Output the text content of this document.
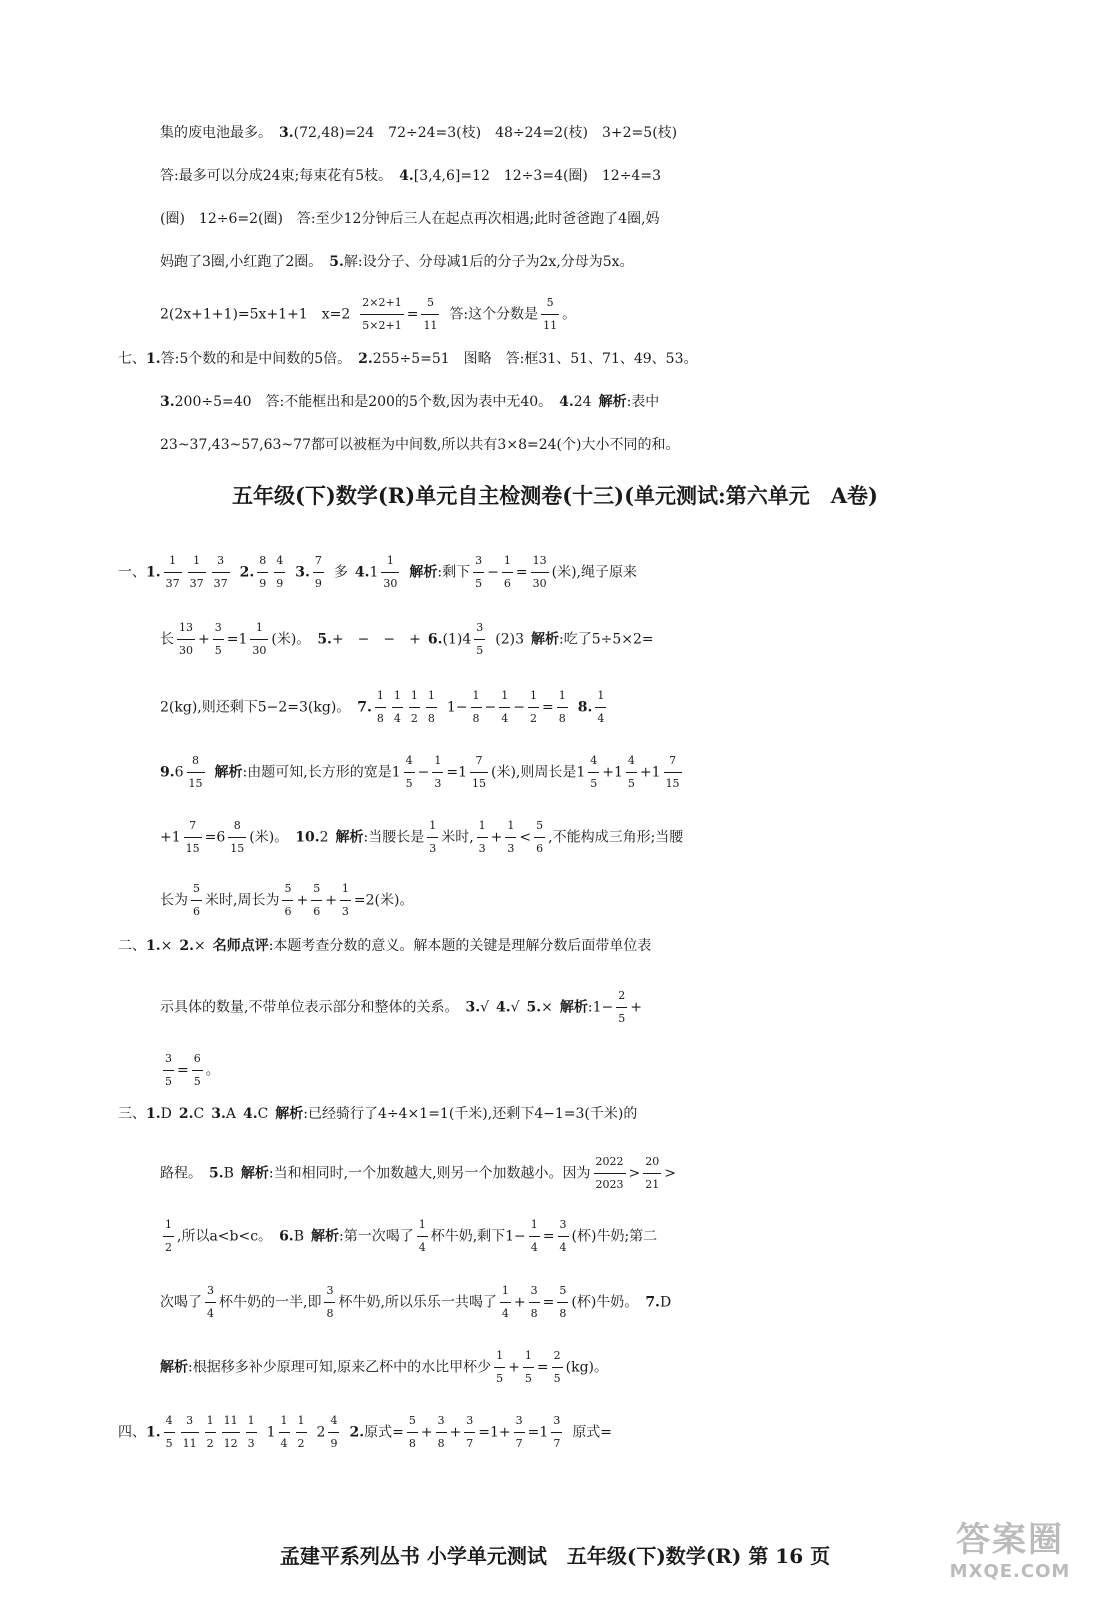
集的废电池最多。  3.(72,48)=24　72÷24=3(枝)　48÷24=2(枝)　3+2=5(枝)
答:最多可以分成24束;每束花有5枝。  4.[3,4,6]=12　12÷3=4(圈)　12÷4=3
(圈)　12÷6=2(圈)　答:至少12分钟后三人在起点再次相遇;此时爸爸跑了4圈,妈
妈跑了3圈,小红跑了2圈。  5.解:设分子、分母减1后的分子为2x,分母为5x。
2(2x+1+1)=5x+1+1　x=2  $\frac{2\times 2+1}{5\times 2+1} = \frac{5}{11}$
  答:这个分数是 $\frac{5}{11}$ 。
七、1.答:5个数的和是中间数的5倍。  2.255÷5=51　图略　答:框31、51、71、49、53。
3.200÷5=40　答:不能框出和是200的5个数,因为表中无40。  4.24  解析:表中
23~37,43~57,63~77都可以被框为中间数,所以共有3×8=24(个)大小不同的和。
一、1. $\frac{1}{37} \frac{1}{37} \frac{3}{37}$
  2. $\frac{8}{9} \frac{4}{9}$
  3. $\frac{7}{9}$
  多  $4.1 \frac{1}{30}$
  解析:剩下 $\frac{3}{5} - \frac{1}{6} = \frac{13}{30}$ (米),绳子原来
长 $\frac{13}{30} + \frac{3}{5} =1 \frac{1}{30}$ (米)。  5.+　−　−　+  $6.(1)4 \frac{3}{5}$
  (2)3  解析:吃了5÷5×2=
2(kg),则还剩下5−2=3(kg)。  7. $\frac{1}{8} \frac{1}{4} \frac{1}{2} \frac{1}{8}$
  $1- \frac{1}{8} - \frac{1}{4} - \frac{1}{2} = \frac{1}{8}$
  8. $\frac{1}{4}$
$9.6 \frac{8}{15}$
  解析:由题可知,长方形的宽是$1 \frac{4}{5} - \frac{1}{3} =1 \frac{7}{15}$ (米),则周长是$1 \frac{4}{5} +1 \frac{4}{5} +1 \frac{7}{15}$
$+1 \frac{7}{15} =6 \frac{8}{15}$ (米)。  10.2  解析:当腰长是 $\frac{1}{3}$ 米时, $\frac{1}{3} + \frac{1}{3} < \frac{5}{6}$ ,不能构成三角形;当腰
长为 $\frac{5}{6}$ 米时,周长为 $\frac{5}{6} + \frac{5}{6} + \frac{1}{3} =2$(米)。
二、1.×  2.×  名师点评:本题考查分数的意义。解本题的关键是理解分数后面带单位表
示具体的数量,不带单位表示部分和整体的关系。  3.√  4.√  5.×  解析:1− $\frac{2}{5}$ +
$\frac{3}{5} = \frac{6}{5}$ 。
三、1.D  2.C  3.A  4.C  解析:已经骑行了4÷4×1=1(千米),还剩下4−1=3(千米)的
路程。  5.B  解析:当和相同时,一个加数越大,则另一个加数越小。因为 $\frac{2022}{2023} > \frac{20}{21}$ >
$\frac{1}{2}$ ,所以a<b<c。  6.B  解析:第一次喝了 $\frac{1}{4}$ 杯牛奶,剩下$1- \frac{1}{4} = \frac{3}{4}$ (杯)牛奶;第二
次喝了 $\frac{3}{4}$ 杯牛奶的一半,即 $\frac{3}{8}$ 杯牛奶,所以乐乐一共喝了 $\frac{1}{4} + \frac{3}{8} = \frac{5}{8}$ (杯)牛奶。  7.D
解析:根据移多补少原理可知,原来乙杯中的水比甲杯少 $\frac{1}{5} + \frac{1}{5} = \frac{2}{5} (kg)$。
四、1. $\frac{4}{5} \frac{3}{11} \frac{1}{2} \frac{11}{12} \frac{1}{3}$
  $1 \frac{1}{4} \frac{1}{2}$
  $2 \frac{4}{9}$
  2.原式= $\frac{5}{8} + \frac{3}{8} + \frac{3}{7} =1+ \frac{3}{7} =1 \frac{3}{7}$
  原式=
五年级(下)数学(R)单元自主检测卷(十三)(单元测试:第六单元　A卷)
孟建平系列丛书 小学单元测试　五年级(下)数学(R) 第 16 页	答案圈
MXQE.COM
